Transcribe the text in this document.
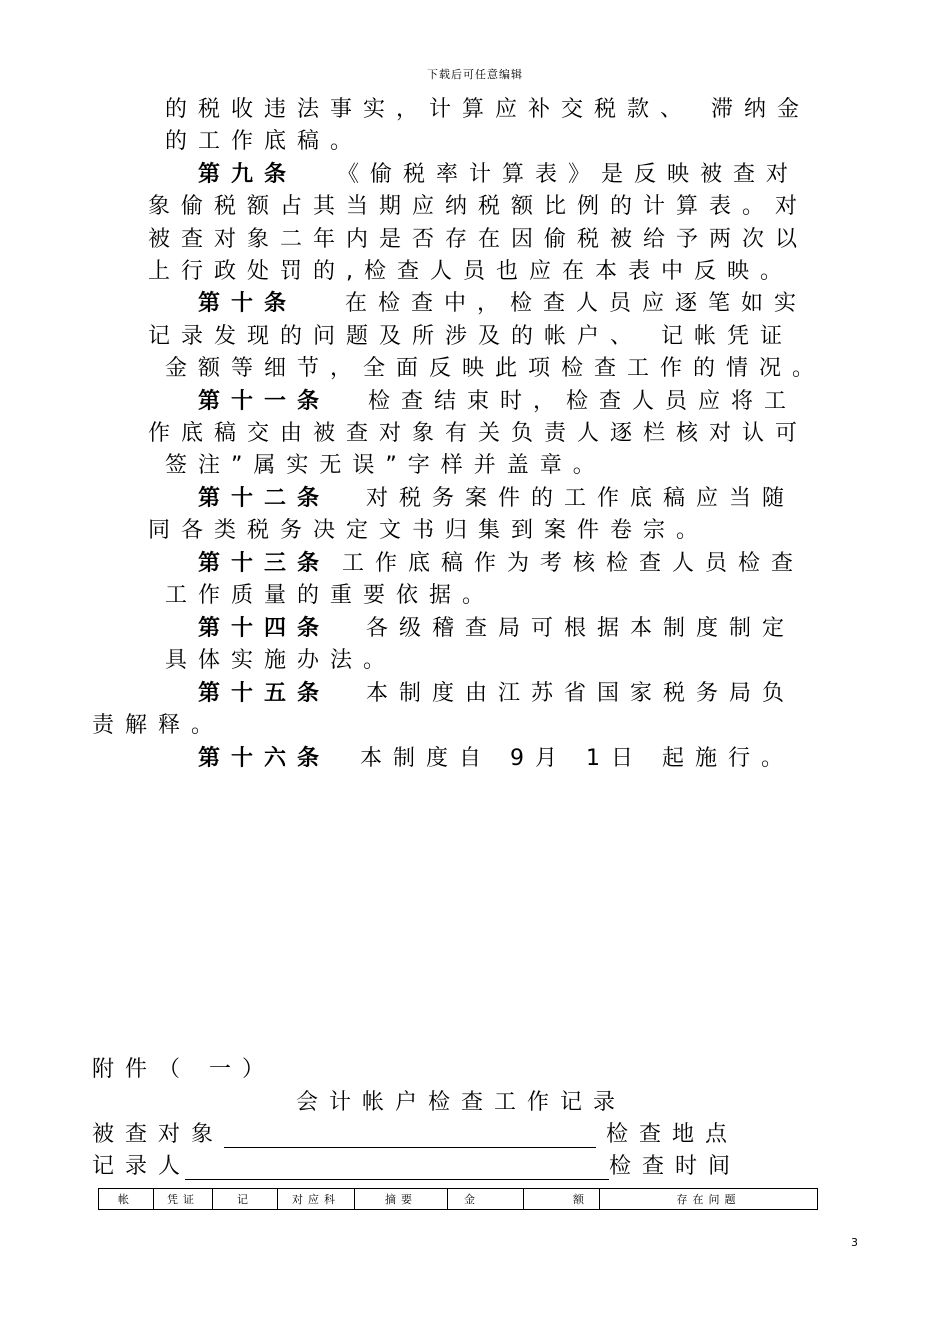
下载后可任意编辑
的税收违法事实，计算应补交税款、 滞纳金
的工作底稿。
第九条 《偷税率计算表》是反映被查对
象偷税额占其当期应纳税额比例的计算表。对
被查对象二年内是否存在因偷税被给予两次以
上行政处罚的,检查人员也应在本表中反映。
第十条 在检查中，检查人员应逐笔如实
记录发现的问题及所涉及的帐户、 记帐凭证
金额等细节，全面反映此项检查工作的情况。
第十一条 检查结束时，检查人员应将工
作底稿交由被查对象有关负责人逐栏核对认可
签注”属实无误”字样并盖章。
第十二条 对税务案件的工作底稿应当随
同各类税务决定文书归集到案件卷宗。
第十三条 工作底稿作为考核检查人员检查
工作质量的重要依据。
第十四条 各级稽查局可根据本制度制定
具体实施办法。
第十五条 本制度由江苏省国家税务局负
责解释。
第十六条 本制度自 9月 1日 起施行。
附件（ 一）
会计帐户检查工作记录
被查对象	检查地点
记录人	检查时间
帐	凭证	记	对应科	摘要	金	额	存在问题
3
